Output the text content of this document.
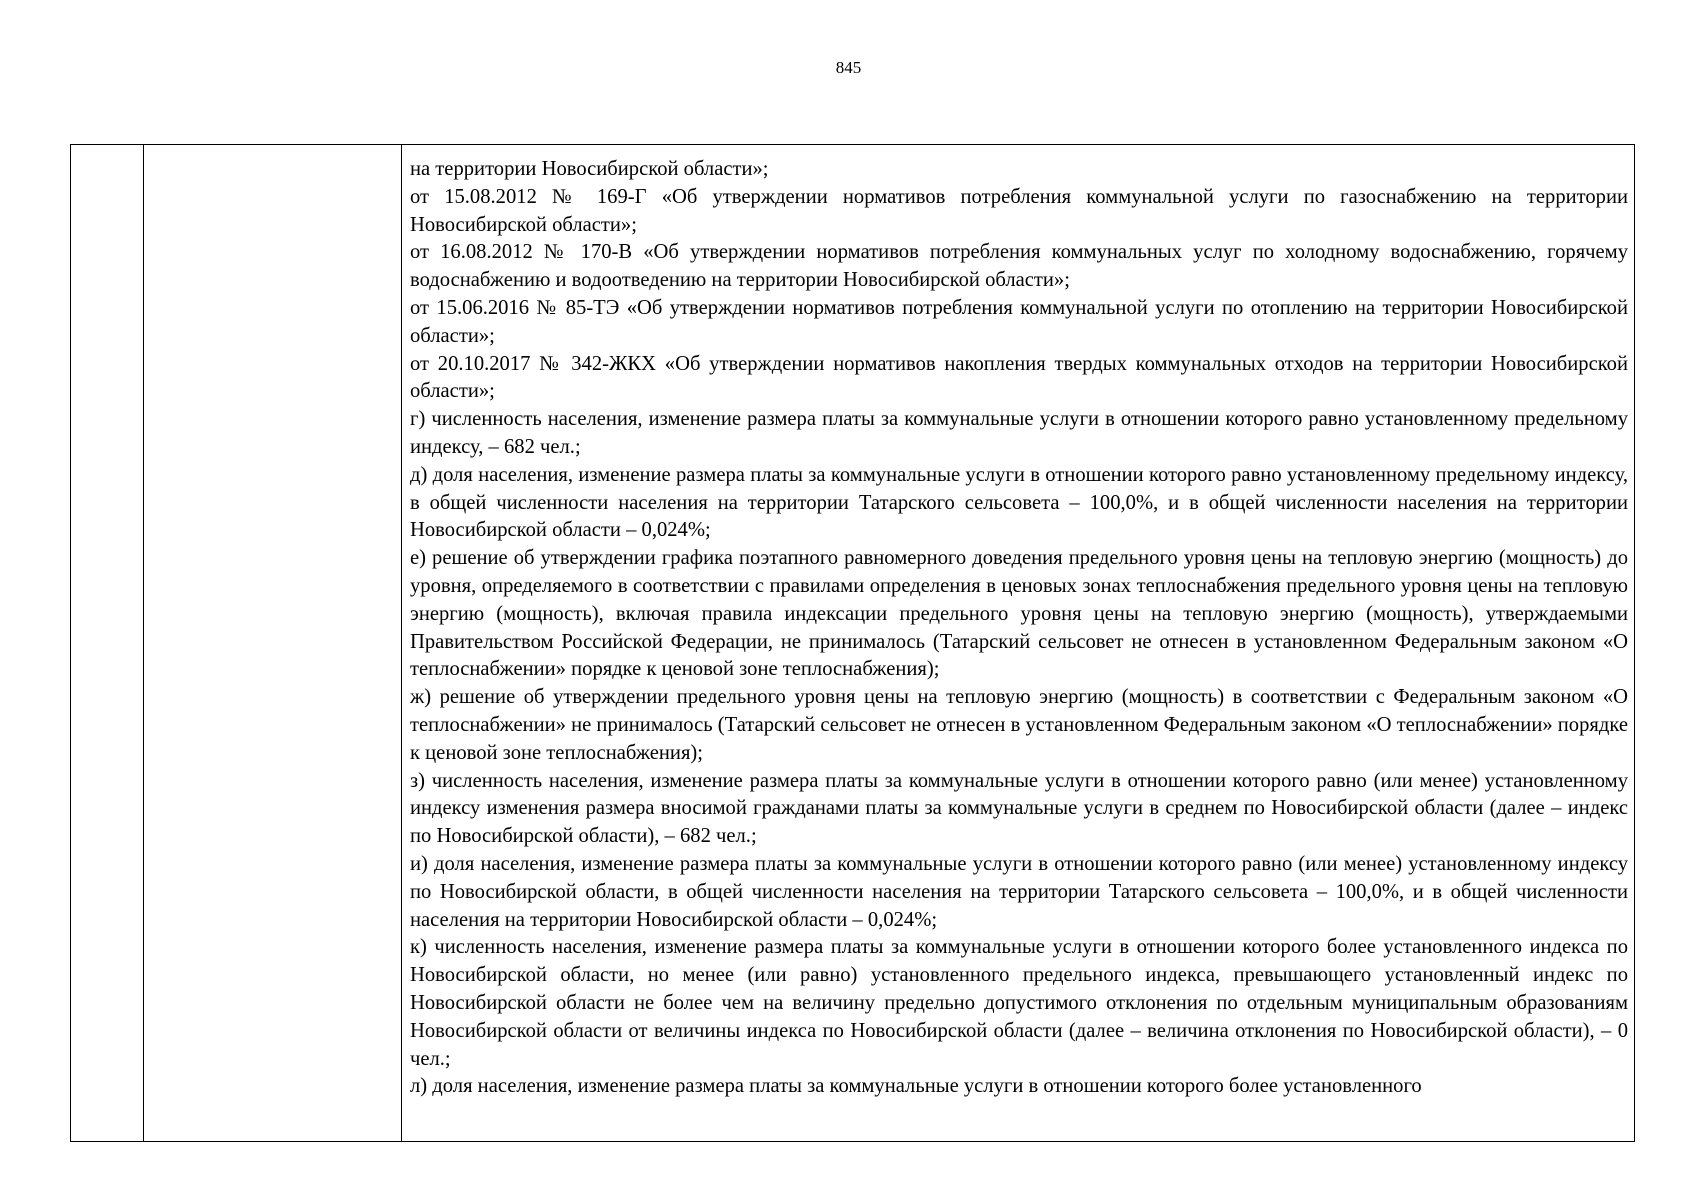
845

на территории Новосибирской области»;

от 15.08.2012 № 169-Г «Об утверждении нормативов потребления коммунальной услуги по газоснабжению на территории Новосибирской области»;

от 16.08.2012 № 170-В «Об утверждении нормативов потребления коммунальных услуг по холодному водоснабжению, горячему водоснабжению и водоотведению на территории Новосибирской области»;

от 15.06.2016 № 85-ТЭ «Об утверждении нормативов потребления коммунальной услуги по отоплению на территории Новосибирской области»;

от 20.10.2017 № 342-ЖКХ «Об утверждении нормативов накопления твердых коммунальных отходов на территории Новосибирской области»;

г) численность населения, изменение размера платы за коммунальные услуги в отношении которого равно установленному предельному индексу, – 682 чел.;

д) доля населения, изменение размера платы за коммунальные услуги в отношении которого равно установленному предельному индексу, в общей численности населения на территории Татарского сельсовета – 100,0%, и в общей численности населения на территории Новосибирской области – 0,024%;

е) решение об утверждении графика поэтапного равномерного доведения предельного уровня цены на тепловую энергию (мощность) до уровня, определяемого в соответствии с правилами определения в ценовых зонах теплоснабжения предельного уровня цены на тепловую энергию (мощность), включая правила индексации предельного уровня цены на тепловую энергию (мощность), утверждаемыми Правительством Российской Федерации, не принималось (Татарский сельсовет не отнесен в установленном Федеральным законом «О теплоснабжении» порядке к ценовой зоне теплоснабжения);

ж) решение об утверждении предельного уровня цены на тепловую энергию (мощность) в соответствии с Федеральным законом «О теплоснабжении» не принималось (Татарский сельсовет не отнесен в установленном Федеральным законом «О теплоснабжении» порядке к ценовой зоне теплоснабжения);

з) численность населения, изменение размера платы за коммунальные услуги в отношении которого равно (или менее) установленному индексу изменения размера вносимой гражданами платы за коммунальные услуги в среднем по Новосибирской области (далее – индекс по Новосибирской области), – 682 чел.;

и) доля населения, изменение размера платы за коммунальные услуги в отношении которого равно (или менее) установленному индексу по Новосибирской области, в общей численности населения на территории Татарского сельсовета – 100,0%, и в общей численности населения на территории Новосибирской области – 0,024%;

к) численность населения, изменение размера платы за коммунальные услуги в отношении которого более установленного индекса по Новосибирской области, но менее (или равно) установленного предельного индекса, превышающего установленный индекс по Новосибирской области не более чем на величину предельно допустимого отклонения по отдельным муниципальным образованиям Новосибирской области от величины индекса по Новосибирской области (далее – величина отклонения по Новосибирской области), – 0 чел.;

л) доля населения, изменение размера платы за коммунальные услуги в отношении которого более установленного
